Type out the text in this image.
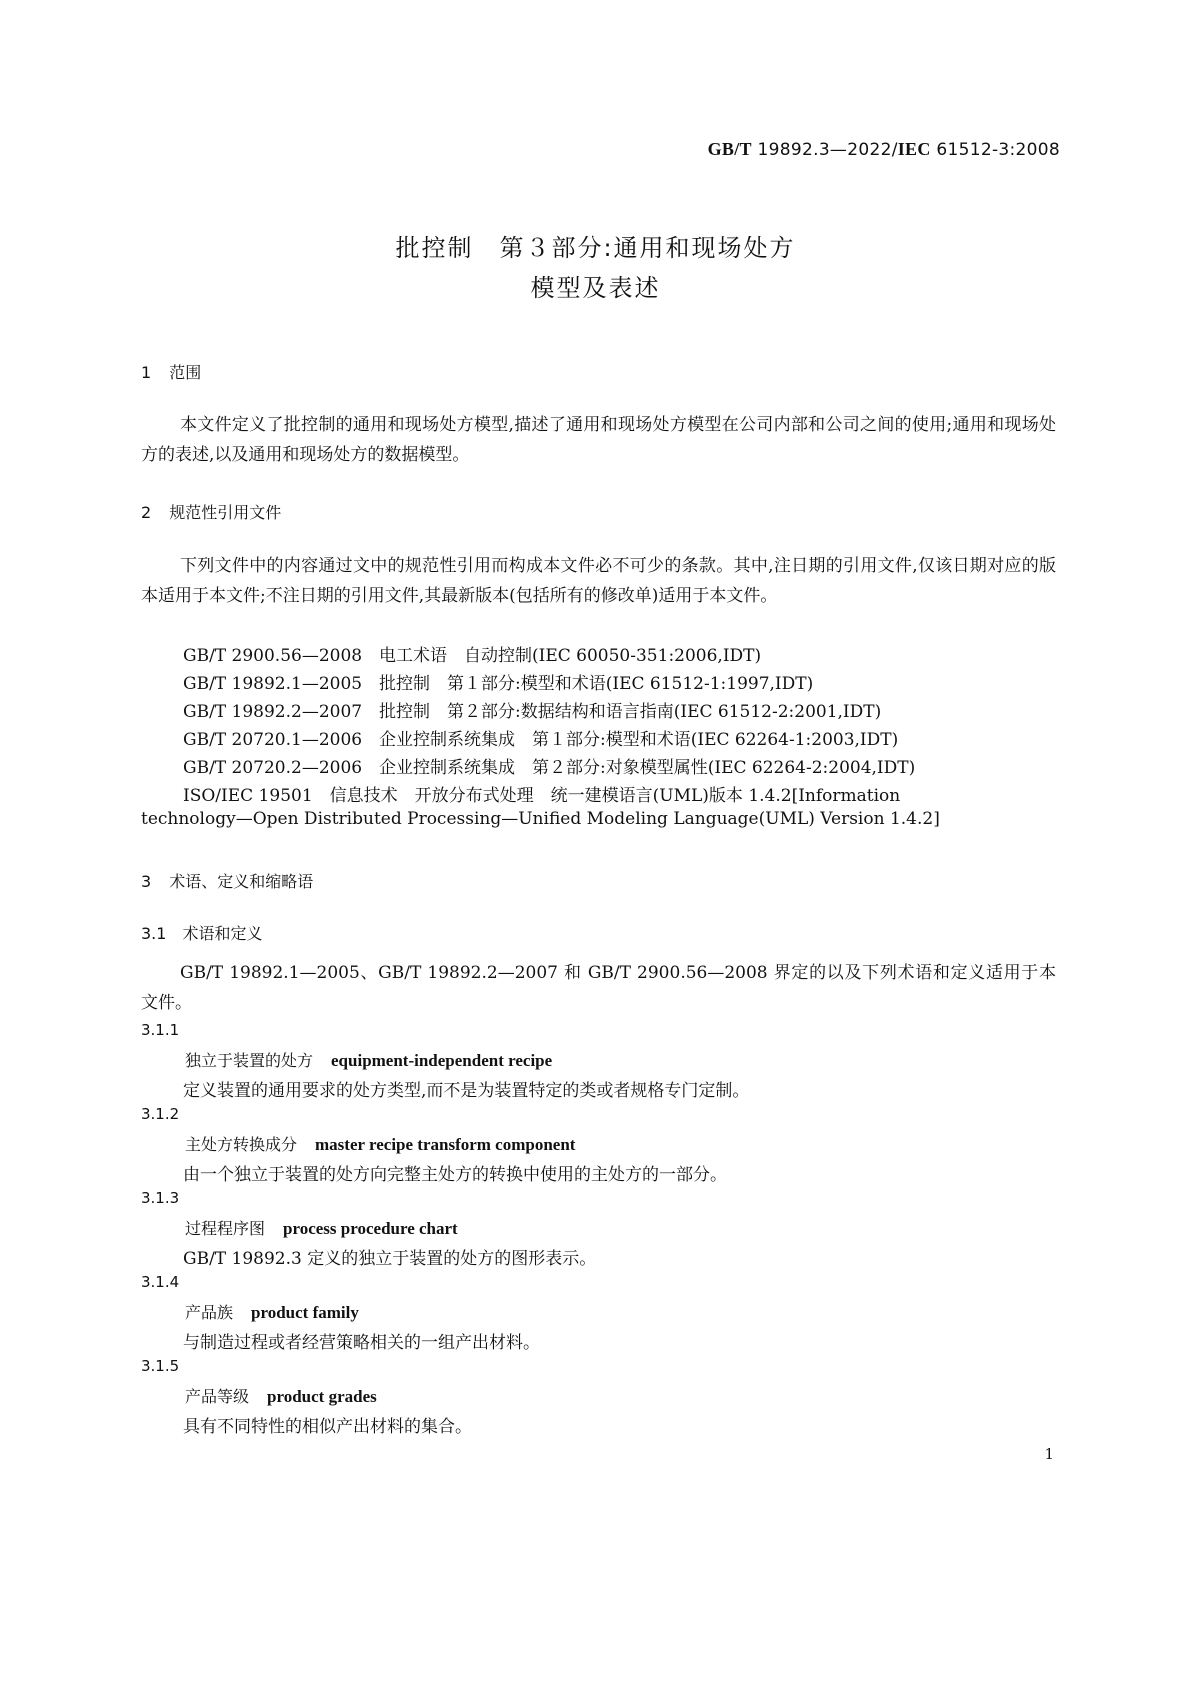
GB/T 19892.3—2022/IEC 61512-3:2008
批控制　第３部分:通用和现场处方
模型及表述
1 范围
本文件定义了批控制的通用和现场处方模型,描述了通用和现场处方模型在公司内部和公司之间的使用;通用和现场处方的表述,以及通用和现场处方的数据模型。
2 规范性引用文件
下列文件中的内容通过文中的规范性引用而构成本文件必不可少的条款。其中,注日期的引用文件,仅该日期对应的版本适用于本文件;不注日期的引用文件,其最新版本(包括所有的修改单)适用于本文件。
GB/T 2900.56—2008 电工术语　自动控制(IEC 60050-351:2006,IDT)
GB/T 19892.1—2005 批控制　第１部分:模型和术语(IEC 61512-1:1997,IDT)
GB/T 19892.2—2007 批控制　第２部分:数据结构和语言指南(IEC 61512-2:2001,IDT)
GB/T 20720.1—2006 企业控制系统集成　第１部分:模型和术语(IEC 62264-1:2003,IDT)
GB/T 20720.2—2006 企业控制系统集成　第２部分:对象模型属性(IEC 62264-2:2004,IDT)
ISO/IEC 19501　信息技术　开放分布式处理　统一建模语言(UML)版本 1.4.2[Information
technology—Open Distributed Processing—Unified Modeling Language(UML) Version 1.4.2]
3 术语、定义和缩略语
3.1 术语和定义
GB/T 19892.1—2005、GB/T 19892.2—2007 和 GB/T 2900.56—2008 界定的以及下列术语和定义适用于本文件。
3.1.1
独立于装置的处方 equipment-independent recipe
定义装置的通用要求的处方类型,而不是为装置特定的类或者规格专门定制。
3.1.2
主处方转换成分 master recipe transform component
由一个独立于装置的处方向完整主处方的转换中使用的主处方的一部分。
3.1.3
过程程序图 process procedure chart
GB/T 19892.3 定义的独立于装置的处方的图形表示。
3.1.4
产品族 product family
与制造过程或者经营策略相关的一组产出材料。
3.1.5
产品等级 product grades
具有不同特性的相似产出材料的集合。
1
